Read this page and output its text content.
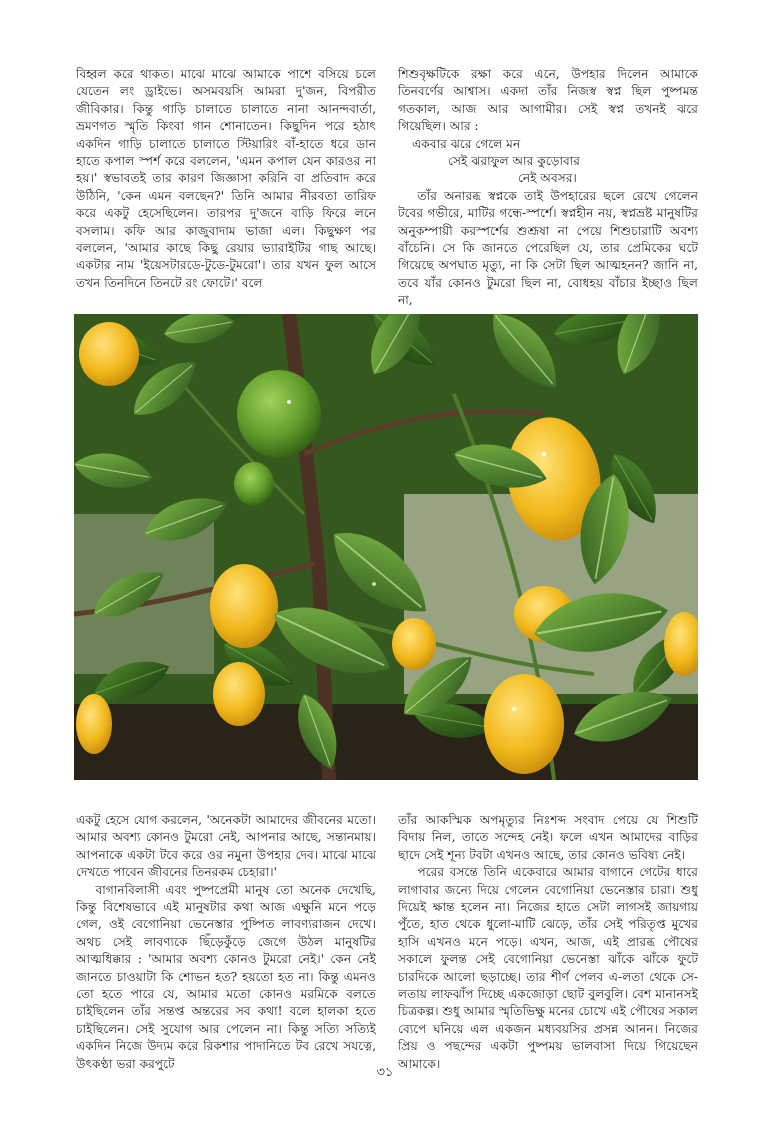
বিহ্বল করে থাকত। মাঝে মাঝে আমাকে পাশে বসিয়ে চলে যেতেন লং ড্রাইভে। অসমবয়সি আমরা দু'জন, বিপরীত জীবিকার। কিন্তু গাড়ি চালাতে চালাতে নানা আনন্দবার্তা, ভ্রমণগত স্মৃতি কিংবা গান শোনাতেন। কিছুদিন পরে হঠাৎ একদিন গাড়ি চালাতে চালাতে স্টিয়ারিং বাঁ-হাতে ধরে ডান হাতে কপাল স্পর্শ করে বললেন, 'এমন কপাল যেন কারওর না হয়।' স্বভাবতই তার কারণ জিজ্ঞাসা করিনি বা প্রতিবাদ করে উঠিনি, 'কেন এমন বলছেন?' তিনি আমার নীরবতা তারিফ করে একটু হেসেছিলেন। তারপর দু'জনে বাড়ি ফিরে লনে বসলাম। কফি আর কাজুবাদাম ভাজা এল। কিছুক্ষণ পর বললেন, 'আমার কাছে কিছু রেয়ার ভ্যারাইটির গাছ আছে। একটার নাম 'ইয়েসটারডে-টুডে-টুমরো'। তার যখন ফুল আসে তখন তিনদিনে তিনটে রং ফোটে।' বলে

শিশুবৃক্ষটিকে রক্ষা করে এনে, উপহার দিলেন আমাকে তিনবর্ণের আশ্বাস। একদা তাঁর নিজস্ব স্বপ্ন ছিল পুষ্পমন্ত গতকাল, আজ আর আগামীর। সেই স্বপ্ন তখনই ঝরে গিয়েছিল। আর :

একবার ঝরে গেলে মন
সেই ঝরাফুল আর কুড়োবার
নেই অবসর।

তাঁর অনারব্ধ স্বপ্নকে তাই উপহারের ছলে রেখে গেলেন টবের গভীরে, মাটির গন্ধে-স্পর্শে। স্বপ্নহীন নয়, স্বপ্নভ্রষ্ট মানুষটির অনুকম্পায়ী করস্পর্শের শুশ্রূষা না পেয়ে শিশুচারাটি অবশ্য বাঁচেনি। সে কি জানতে পেরেছিল যে, তার প্রেমিকের ঘটে গিয়েছে অপঘাত মৃত্যু, না কি সেটা ছিল আত্মহনন? জানি না, তবে যাঁর কোনও টুমরো ছিল না, বোধহয় বাঁচার ইচ্ছাও ছিল না,

একটু হেসে যোগ করলেন, 'অনেকটা আমাদের জীবনের মতো। আমার অবশ্য কোনও টুমরো নেই, আপনার আছে, সন্তানমায়। আপনাকে একটা টবে করে ওর নমুনা উপহার দেব। মাঝে মাঝে দেখতে পাবেন জীবনের তিনরকম চেহারা।'

বাগানবিলাসী এবং পুষ্পপ্রেমী মানুষ তো অনেক দেখেছি, কিন্তু বিশেষভাবে এই মানুষটার কথা আজ এক্ষুনি মনে পড়ে গেল, ওই বেগোনিয়া ভেনেস্তার পুষ্পিত লাবণ্যরাজন দেখে। অথচ সেই লাবণ্যকে ছিঁড়েকুঁড়ে জেগে উঠল মানুষটির আত্মধিক্কার : 'আমার অবশ্য কোনও টুমরো নেই।' কেন নেই জানতে চাওয়াটা কি শোভন হত? হয়তো হত না। কিন্তু এমনও তো হতে পারে যে, আমার মতো কোনও মরমিকে বলতে চাইছিলেন তাঁর সন্তপ্ত অন্তরের সব কথা! বলে হালকা হতে চাইছিলেন। সেই সুযোগ আর পেলেন না। কিন্তু সত্যি সত্যিই একদিন নিজে উদ্যম করে রিকশার পাদানিতে টব রেখে সযত্নে, উৎকণ্ঠা ভরা করপুটে

তাঁর আকস্মিক অপমৃত্যুর নিঃশব্দ সংবাদ পেয়ে যে শিশুটি বিদায় নিল, তাতে সন্দেহ নেই। ফলে এখন আমাদের বাড়ির ছাদে সেই শূন্য টবটা এখনও আছে, তার কোনও ভবিষ্য নেই।

পরের বসন্তে তিনি একেবারে আমার বাগানে গেটের ধারে লাগাবার জন্যে দিয়ে গেলেন বেগোনিয়া ভেনেস্তার চারা। শুধু দিয়েই ক্ষান্ত হলেন না। নিজের হাতে সেটা লাগসই জায়গায় পুঁতে, হাত থেকে ধুলো-মাটি ঝেড়ে, তাঁর সেই পরিতৃপ্ত মুখের হাসি এখনও মনে পড়ে। এখন, আজ, এই প্রারব্ধ পৌষের সকালে ফুলন্ত সেই বেগোনিয়া ভেনেস্তা ঝাঁকে ঝাঁকে ফুটে চারদিকে আলো ছড়াচ্ছে। তার শীর্ণ পেলব এ-লতা থেকে সে-লতায় লাফঝাঁপ দিচ্ছে একজোড়া ছোট বুলবুলি। বেশ মানানসই চিত্রকল্প। শুধু আমার স্মৃতিভিক্ষু মনের চোখে এই পৌষের সকাল ব্যেপে ঘনিয়ে এল একজন মধ্যবয়সির প্রসন্ন আনন। নিজের প্রিয় ও পছন্দের একটা পুষ্পময় ভালবাসা দিয়ে গিয়েছেন আমাকে।

৩১
